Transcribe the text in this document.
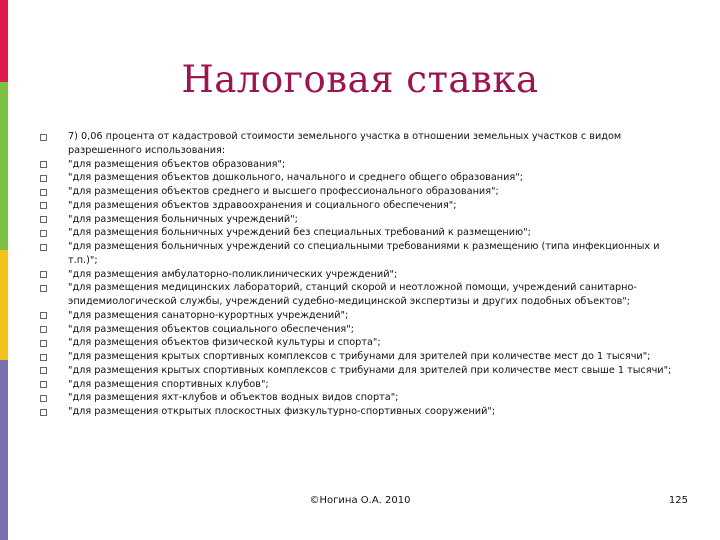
Налоговая ставка
7) 0,06 процента от кадастровой стоимости земельного участка в отношении земельных участков с видом разрешенного использования:
"для размещения объектов образования";
"для размещения объектов дошкольного, начального и среднего общего образования";
"для размещения объектов среднего и высшего профессионального образования";
"для размещения объектов здравоохранения и социального обеспечения";
"для размещения больничных учреждений";
"для размещения больничных учреждений без специальных требований к размещению";
"для размещения больничных учреждений со специальными требованиями к размещению (типа инфекционных и т.п.)";
"для размещения амбулаторно-поликлинических учреждений";
"для размещения медицинских лабораторий, станций скорой и неотложной помощи, учреждений санитарно-эпидемиологической службы, учреждений судебно-медицинской экспертизы и других подобных объектов";
"для размещения санаторно-курортных учреждений";
"для размещения объектов социального обеспечения";
"для размещения объектов физической культуры и спорта";
"для размещения крытых спортивных комплексов с трибунами для зрителей при количестве мест до 1 тысячи";
"для размещения крытых спортивных комплексов с трибунами для зрителей при количестве мест свыше 1 тысячи";
"для размещения спортивных клубов";
"для размещения яхт-клубов и объектов водных видов спорта";
"для размещения открытых плоскостных физкультурно-спортивных сооружений";
©Ногина О.А. 2010	125
